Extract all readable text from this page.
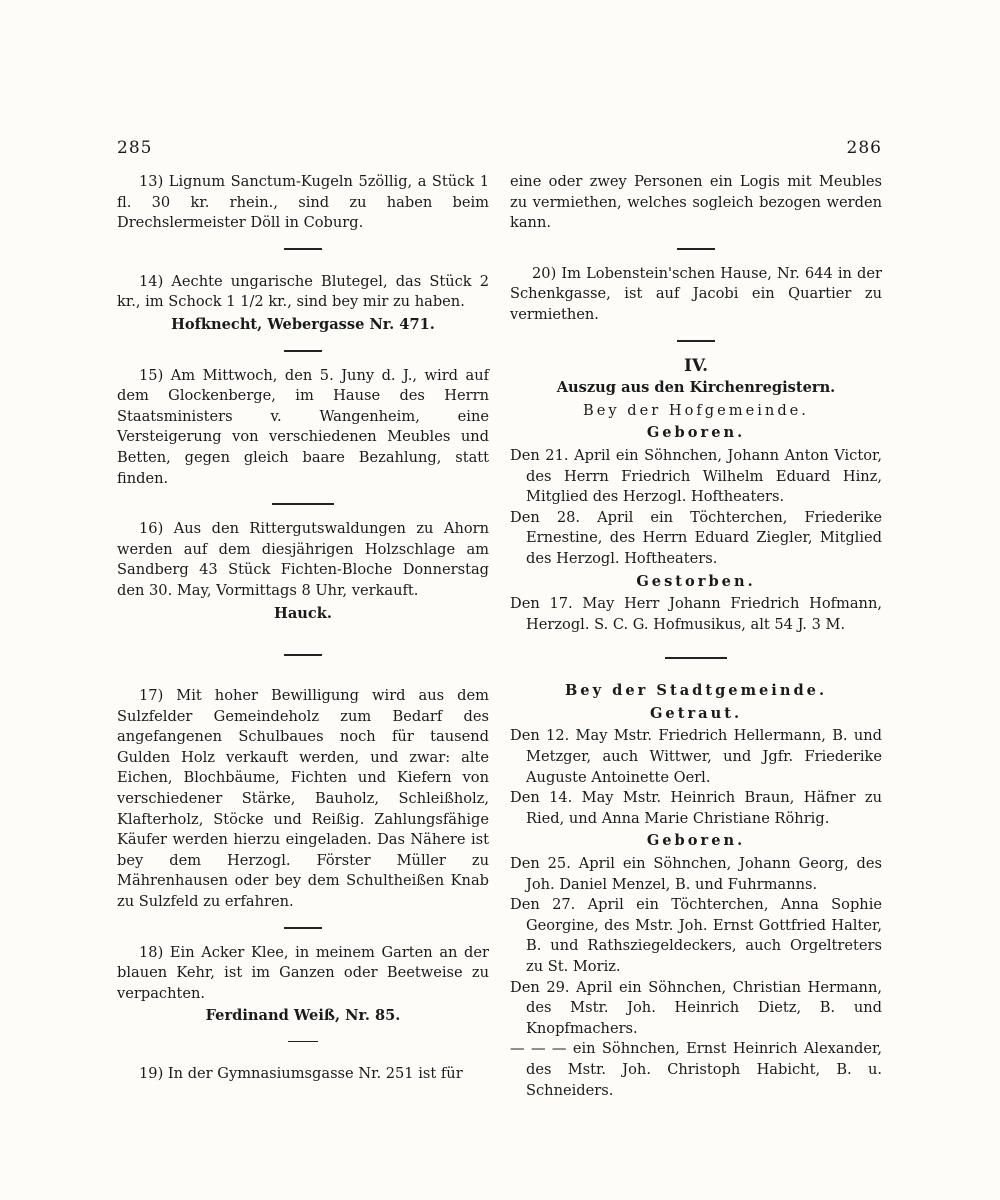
285	286

13) Lignum Sanctum-Kugeln 5zöllig, a Stück 1 fl. 30 kr. rhein., sind zu haben beim Drechslermeister Döll in Coburg.

14) Aechte ungarische Blutegel, das Stück 2 kr., im Schock 1 1/2 kr., sind bey mir zu haben.

Hofknecht, Webergasse Nr. 471.

15) Am Mittwoch, den 5. Juny d. J., wird auf dem Glockenberge, im Hause des Herrn Staatsministers v. Wangenheim, eine Versteigerung von verschiedenen Meubles und Betten, gegen gleich baare Bezahlung, statt finden.

16) Aus den Rittergutswaldungen zu Ahorn werden auf dem diesjährigen Holzschlage am Sandberg 43 Stück Fichten-Bloche Donnerstag den 30. May, Vormittags 8 Uhr, verkauft.

Hauck.

17) Mit hoher Bewilligung wird aus dem Sulzfelder Gemeindeholz zum Bedarf des angefangenen Schulbaues noch für tausend Gulden Holz verkauft werden, und zwar: alte Eichen, Blochbäume, Fichten und Kiefern von verschiedener Stärke, Bauholz, Schleißholz, Klafterholz, Stöcke und Reißig. Zahlungsfähige Käufer werden hierzu eingeladen. Das Nähere ist bey dem Herzogl. Förster Müller zu Mährenhausen oder bey dem Schultheißen Knab zu Sulzfeld zu erfahren.

18) Ein Acker Klee, in meinem Garten an der blauen Kehr, ist im Ganzen oder Beetweise zu verpachten.

Ferdinand Weiß, Nr. 85.

19) In der Gymnasiumsgasse Nr. 251 ist für

eine oder zwey Personen ein Logis mit Meubles zu vermiethen, welches sogleich bezogen werden kann.

20) Im Lobenstein'schen Hause, Nr. 644 in der Schenkgasse, ist auf Jacobi ein Quartier zu vermiethen.

IV.
Auszug aus den Kirchenregistern.
Bey der Hofgemeinde.
Geboren.

Den 21. April ein Söhnchen, Johann Anton Victor, des Herrn Friedrich Wilhelm Eduard Hinz, Mitglied des Herzogl. Hoftheaters.

Den 28. April ein Töchterchen, Friederike Ernestine, des Herrn Eduard Ziegler, Mitglied des Herzogl. Hoftheaters.

Gestorben.

Den 17. May Herr Johann Friedrich Hofmann, Herzogl. S. C. G. Hofmusikus, alt 54 J. 3 M.

Bey der Stadtgemeinde.
Getraut.

Den 12. May Mstr. Friedrich Hellermann, B. und Metzger, auch Wittwer, und Jgfr. Friederike Auguste Antoinette Oerl.

Den 14. May Mstr. Heinrich Braun, Häfner zu Ried, und Anna Marie Christiane Röhrig.

Geboren.

Den 25. April ein Söhnchen, Johann Georg, des Joh. Daniel Menzel, B. und Fuhrmanns.

Den 27. April ein Töchterchen, Anna Sophie Georgine, des Mstr. Joh. Ernst Gottfried Halter, B. und Rathsziegeldeckers, auch Orgeltreters zu St. Moriz.

Den 29. April ein Söhnchen, Christian Hermann, des Mstr. Joh. Heinrich Dietz, B. und Knopfmachers.

— — — ein Söhnchen, Ernst Heinrich Alexander, des Mstr. Joh. Christoph Habicht, B. u. Schneiders.
